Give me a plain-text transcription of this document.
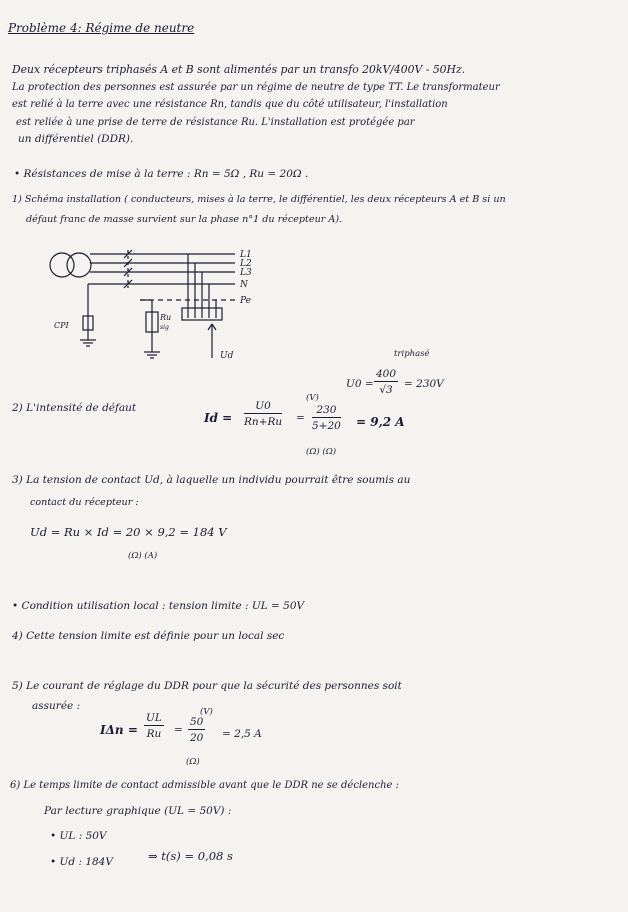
Problème 4: Régime de neutre
Deux récepteurs triphasés A et B sont alimentés par un transfo 20kV/400V - 50Hz.
La protection des personnes est assurée par un régime de neutre de type TT. Le transformateur
est relié à la terre avec une résistance Rn, tandis que du côté utilisateur, l'installation
est reliée à une prise de terre de résistance Ru. L'installation est protégée par
un différentiel (DDR).
• Résistances de mise à la terre : Rn = 5Ω , Ru = 20Ω .
1) Schéma installation ( conducteurs, mises à la terre, le différentiel, les deux récepteurs A et B si un
défaut franc de masse survient sur la phase n°1 du récepteur A).
L1
L2
L3
N
Pe
CPI
Ru
sig
Ud	triphasé
$U0 = \frac{400}{√3} = 230V$
2) L'intensité de défaut
$Id = \frac{U0}{Rn+Ru}$ =
(V)
$\frac{230}{5+20} = 9,2$ A
(Ω) (Ω)
3) La tension de contact Ud, à laquelle un individu pourrait être soumis au
contact du récepteur :
Ud = Ru × Id = 20 × 9,2 = 184 V
(Ω) (A)
• Condition utilisation local : tension limite : UL = 50V
4) Cette tension limite est définie pour un local sec
5) Le courant de réglage du DDR pour que la sécurité des personnes soit
assurée :
$I\Delta n = \frac{UL}{Ru}$ =
(V)
$\frac{50}{20} = 2,5$ A
(Ω)
6) Le temps limite de contact admissible avant que le DDR ne se déclenche :
Par lecture graphique (UL = 50V) :
• UL : 50V
• Ud : 184V	⇒ t(s) = 0,08 s
